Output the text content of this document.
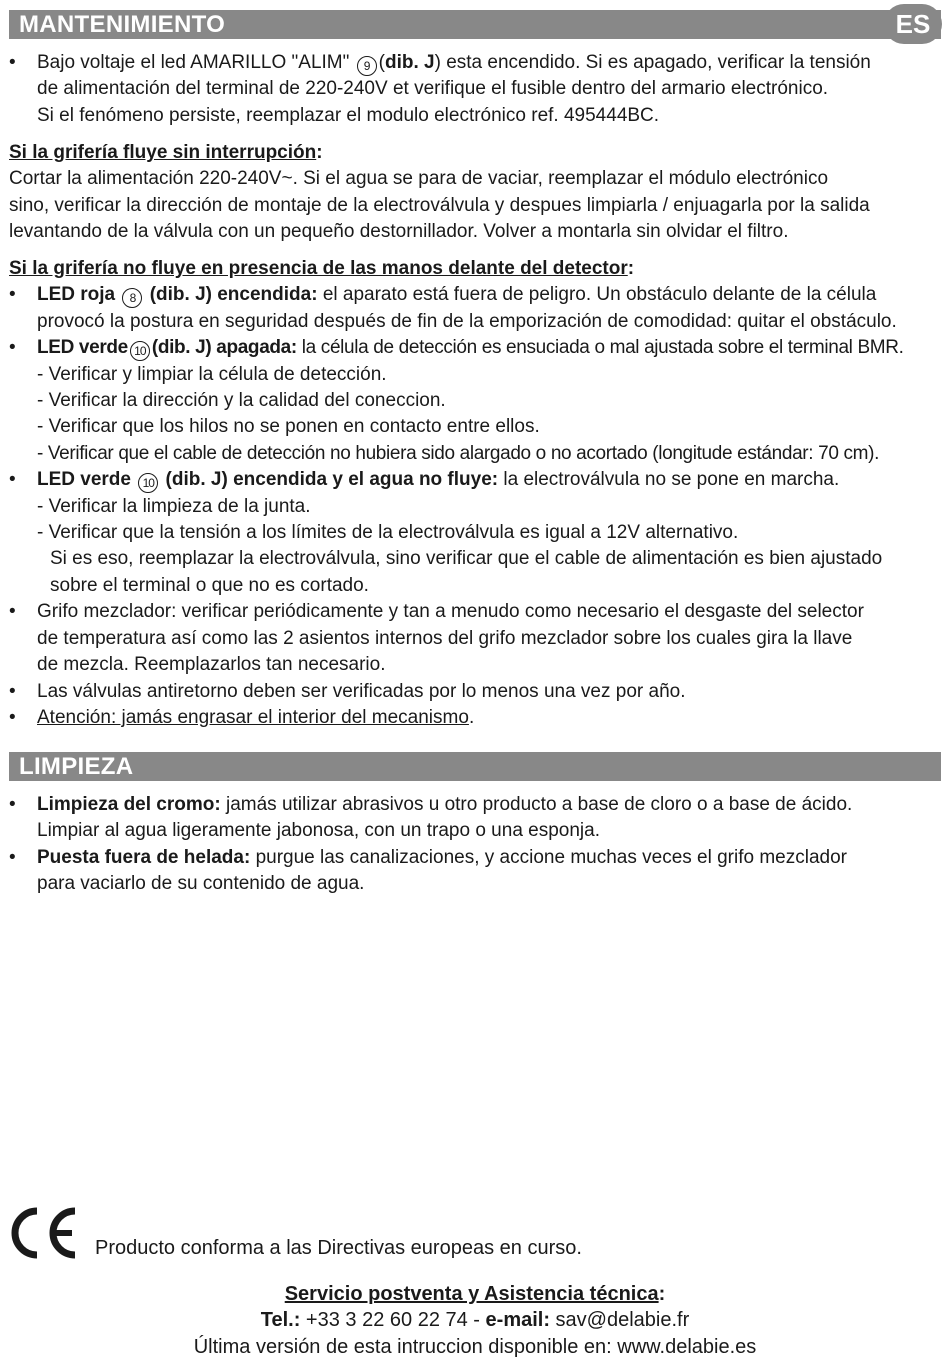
MANTENIMIENTO	ES
•	Bajo voltaje el led AMARILLO "ALIM" 9 (dib. J) esta encendido. Si es apagado, verificar la tensión
de alimentación del terminal de 220-240V et verifique el fusible dentro del armario electrónico.
Si el fenómeno persiste, reemplazar el modulo electrónico ref. 495444BC.
Si la grifería fluye sin interrupción:
Cortar la alimentación 220-240V~. Si el agua se para de vaciar, reemplazar el módulo electrónico
sino, verificar la dirección de montaje de la electroválvula y despues limpiarla / enjuagarla por la salida
levantando de la válvula con un pequeño destornillador. Volver a montarla sin olvidar el filtro.
Si la grifería no fluye en presencia de las manos delante del detector:
•	LED roja 8 (dib. J) encendida: el aparato está fuera de peligro. Un obstáculo delante de la célula
provocó la postura en seguridad después de fin de la emporización de comodidad: quitar el obstáculo.
•	LED verde 10 (dib. J) apagada: la célula de detección es ensuciada o mal ajustada sobre el terminal BMR.
- Verificar y limpiar la célula de detección.
- Verificar la dirección y la calidad del coneccion.
- Verificar que los hilos no se ponen en contacto entre ellos.
- Verificar que el cable de detección no hubiera sido alargado o no acortado (longitude estándar: 70 cm).
•	LED verde 10 (dib. J) encendida y el agua no fluye: la electroválvula no se pone en marcha.
- Verificar la limpieza de la junta.
- Verificar que la tensión a los límites de la electroválvula es igual a 12V alternativo.
Si es eso, reemplazar la electroválvula, sino verificar que el cable de alimentación es bien ajustado
sobre el terminal o que no es cortado.
•	Grifo mezclador: verificar periódicamente y tan a menudo como necesario el desgaste del selector
de temperatura así como las 2 asientos internos del grifo mezclador sobre los cuales gira la llave
de mezcla. Reemplazarlos tan necesario.
•	Las válvulas antiretorno deben ser verificadas por lo menos una vez por año.
•	Atención: jamás engrasar el interior del mecanismo.
LIMPIEZA
•	Limpieza del cromo: jamás utilizar abrasivos u otro producto a base de cloro o a base de ácido.
Limpiar al agua ligeramente jabonosa, con un trapo o una esponja.
•	Puesta fuera de helada: purgue las canalizaciones, y accione muchas veces el grifo mezclador
para vaciarlo de su contenido de agua.
Producto conforma a las Directivas europeas en curso.
Servicio postventa y Asistencia técnica:
Tel.: +33 3 22 60 22 74 - e-mail: sav@delabie.fr
Última versión de esta intruccion disponible en: www.delabie.es
